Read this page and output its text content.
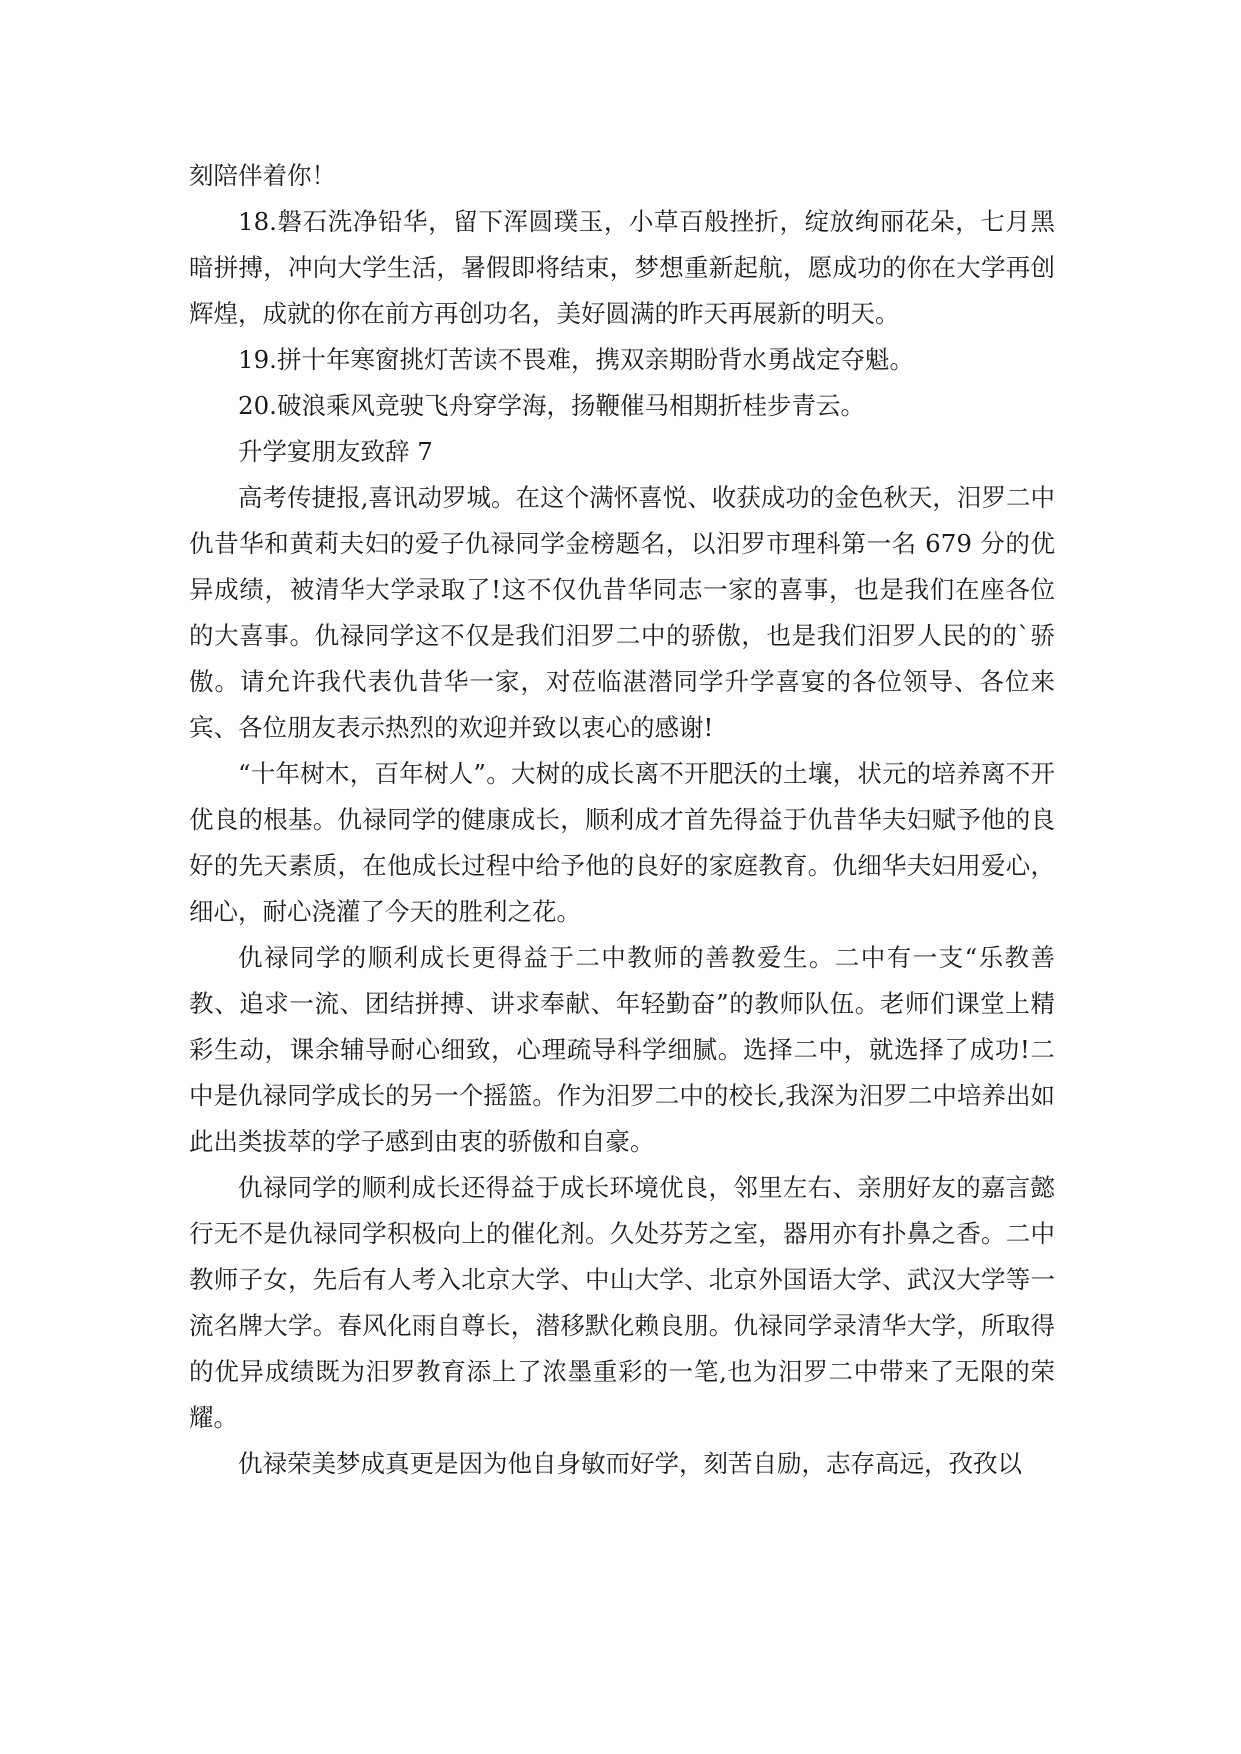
刻陪伴着你！

18.磐石洗净铅华，留下浑圆璞玉，小草百般挫折，绽放绚丽花朵，七月黑暗拼搏，冲向大学生活，暑假即将结束，梦想重新起航，愿成功的你在大学再创辉煌，成就的你在前方再创功名，美好圆满的昨天再展新的明天。

19.拼十年寒窗挑灯苦读不畏难，携双亲期盼背水勇战定夺魁。

20.破浪乘风竞驶飞舟穿学海，扬鞭催马相期折桂步青云。

升学宴朋友致辞 7

高考传捷报,喜讯动罗城。在这个满怀喜悦、收获成功的金色秋天，汨罗二中仇昔华和黄莉夫妇的爱子仇禄同学金榜题名，以汨罗市理科第一名 679 分的优异成绩，被清华大学录取了!这不仅仇昔华同志一家的喜事，也是我们在座各位的大喜事。仇禄同学这不仅是我们汨罗二中的骄傲，也是我们汨罗人民的的`骄傲。请允许我代表仇昔华一家，对莅临湛潜同学升学喜宴的各位领导、各位来宾、各位朋友表示热烈的欢迎并致以衷心的感谢!

“十年树木，百年树人”。大树的成长离不开肥沃的土壤，状元的培养离不开优良的根基。仇禄同学的健康成长，顺利成才首先得益于仇昔华夫妇赋予他的良好的先天素质，在他成长过程中给予他的良好的家庭教育。仇细华夫妇用爱心，细心，耐心浇灌了今天的胜利之花。

仇禄同学的顺利成长更得益于二中教师的善教爱生。二中有一支“乐教善教、追求一流、团结拼搏、讲求奉献、年轻勤奋”的教师队伍。老师们课堂上精彩生动，课余辅导耐心细致，心理疏导科学细腻。选择二中，就选择了成功!二中是仇禄同学成长的另一个摇篮。作为汨罗二中的校长,我深为汨罗二中培养出如此出类拔萃的学子感到由衷的骄傲和自豪。

仇禄同学的顺利成长还得益于成长环境优良，邻里左右、亲朋好友的嘉言懿行无不是仇禄同学积极向上的催化剂。久处芬芳之室，器用亦有扑鼻之香。二中教师子女，先后有人考入北京大学、中山大学、北京外国语大学、武汉大学等一流名牌大学。春风化雨自尊长，潜移默化赖良朋。仇禄同学录清华大学，所取得的优异成绩既为汨罗教育添上了浓墨重彩的一笔,也为汨罗二中带来了无限的荣耀。

仇禄荣美梦成真更是因为他自身敏而好学，刻苦自励，志存高远，孜孜以
